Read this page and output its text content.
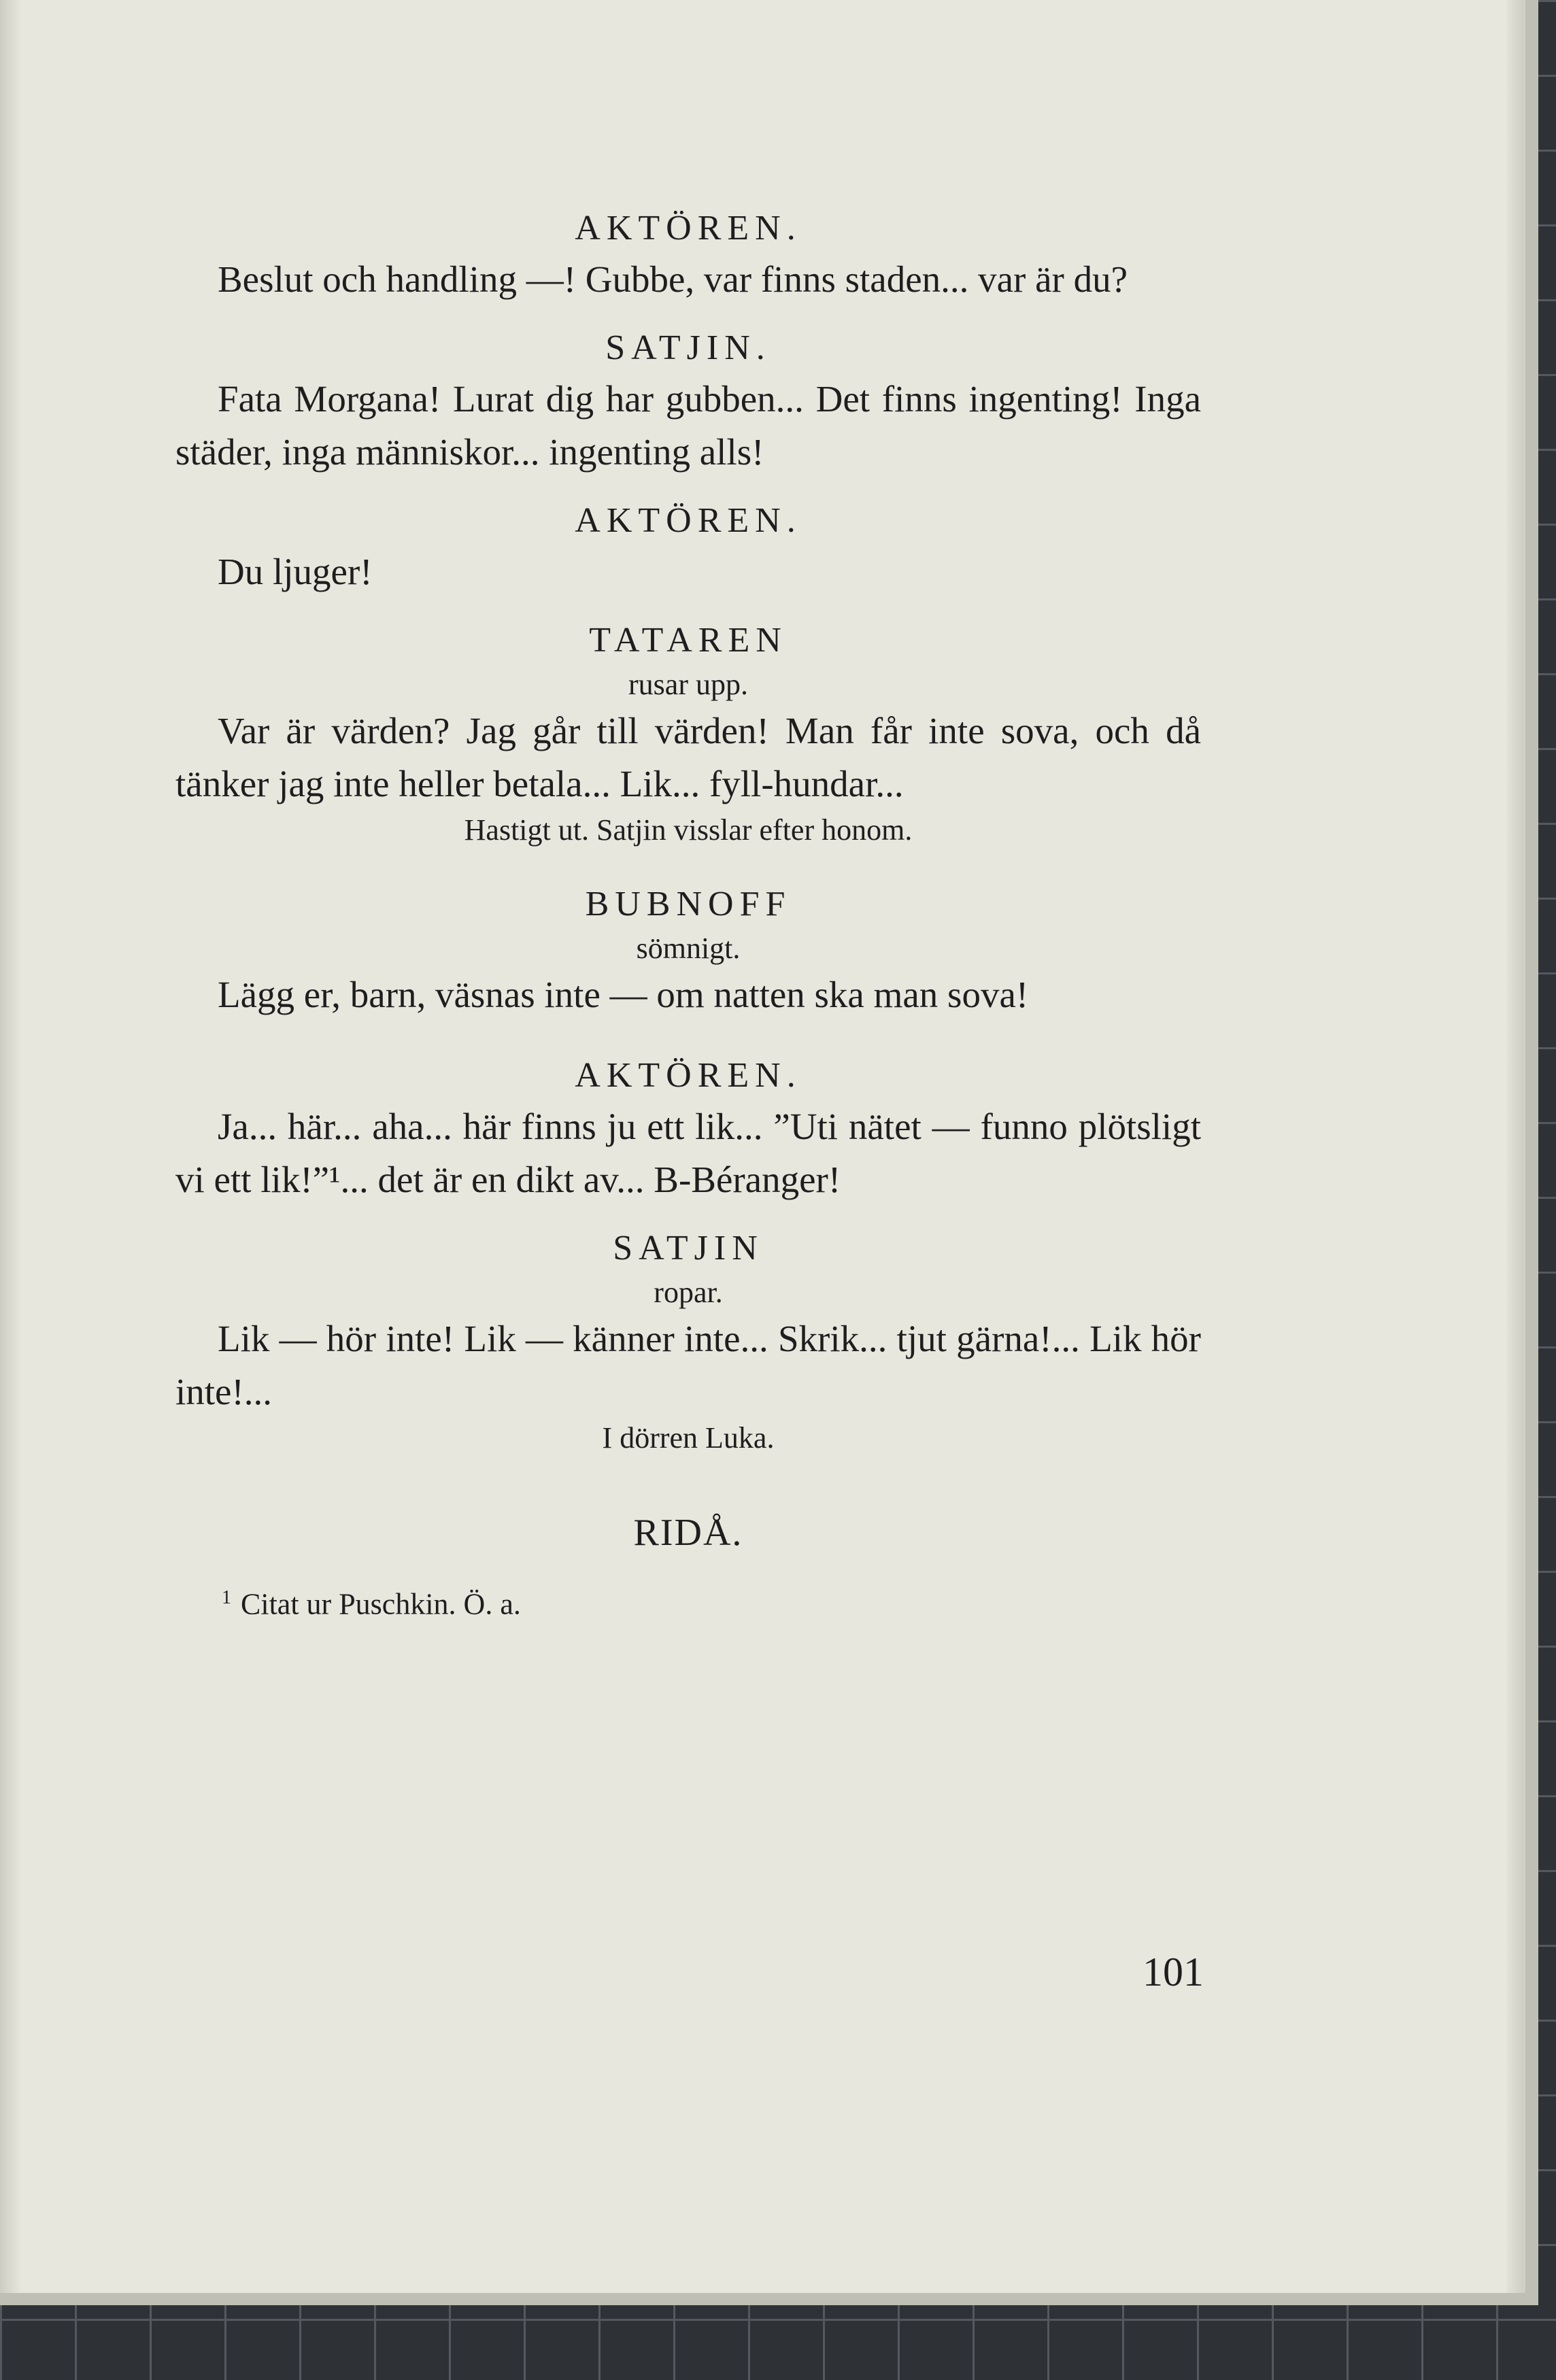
AKTÖREN.

Beslut och handling —! Gubbe, var finns staden... var är du?

SATJIN.

Fata Morgana! Lurat dig har gubben... Det finns ingenting! Inga städer, inga människor... ingenting alls!

AKTÖREN.

Du ljuger!

TATAREN

rusar upp.

Var är värden? Jag går till värden! Man får inte sova, och då tänker jag inte heller betala... Lik... fyll-hundar...

Hastigt ut. Satjin visslar efter honom.

BUBNOFF

sömnigt.

Lägg er, barn, väsnas inte — om natten ska man sova!

AKTÖREN.

Ja... här... aha... här finns ju ett lik... ”Uti nätet — funno plötsligt vi ett lik!”¹... det är en dikt av... B-Béranger!

SATJIN

ropar.

Lik — hör inte! Lik — känner inte... Skrik... tjut gärna!... Lik hör inte!...

I dörren Luka.

RIDÅ.

$^1$ Citat ur Puschkin. Ö. a.

101
